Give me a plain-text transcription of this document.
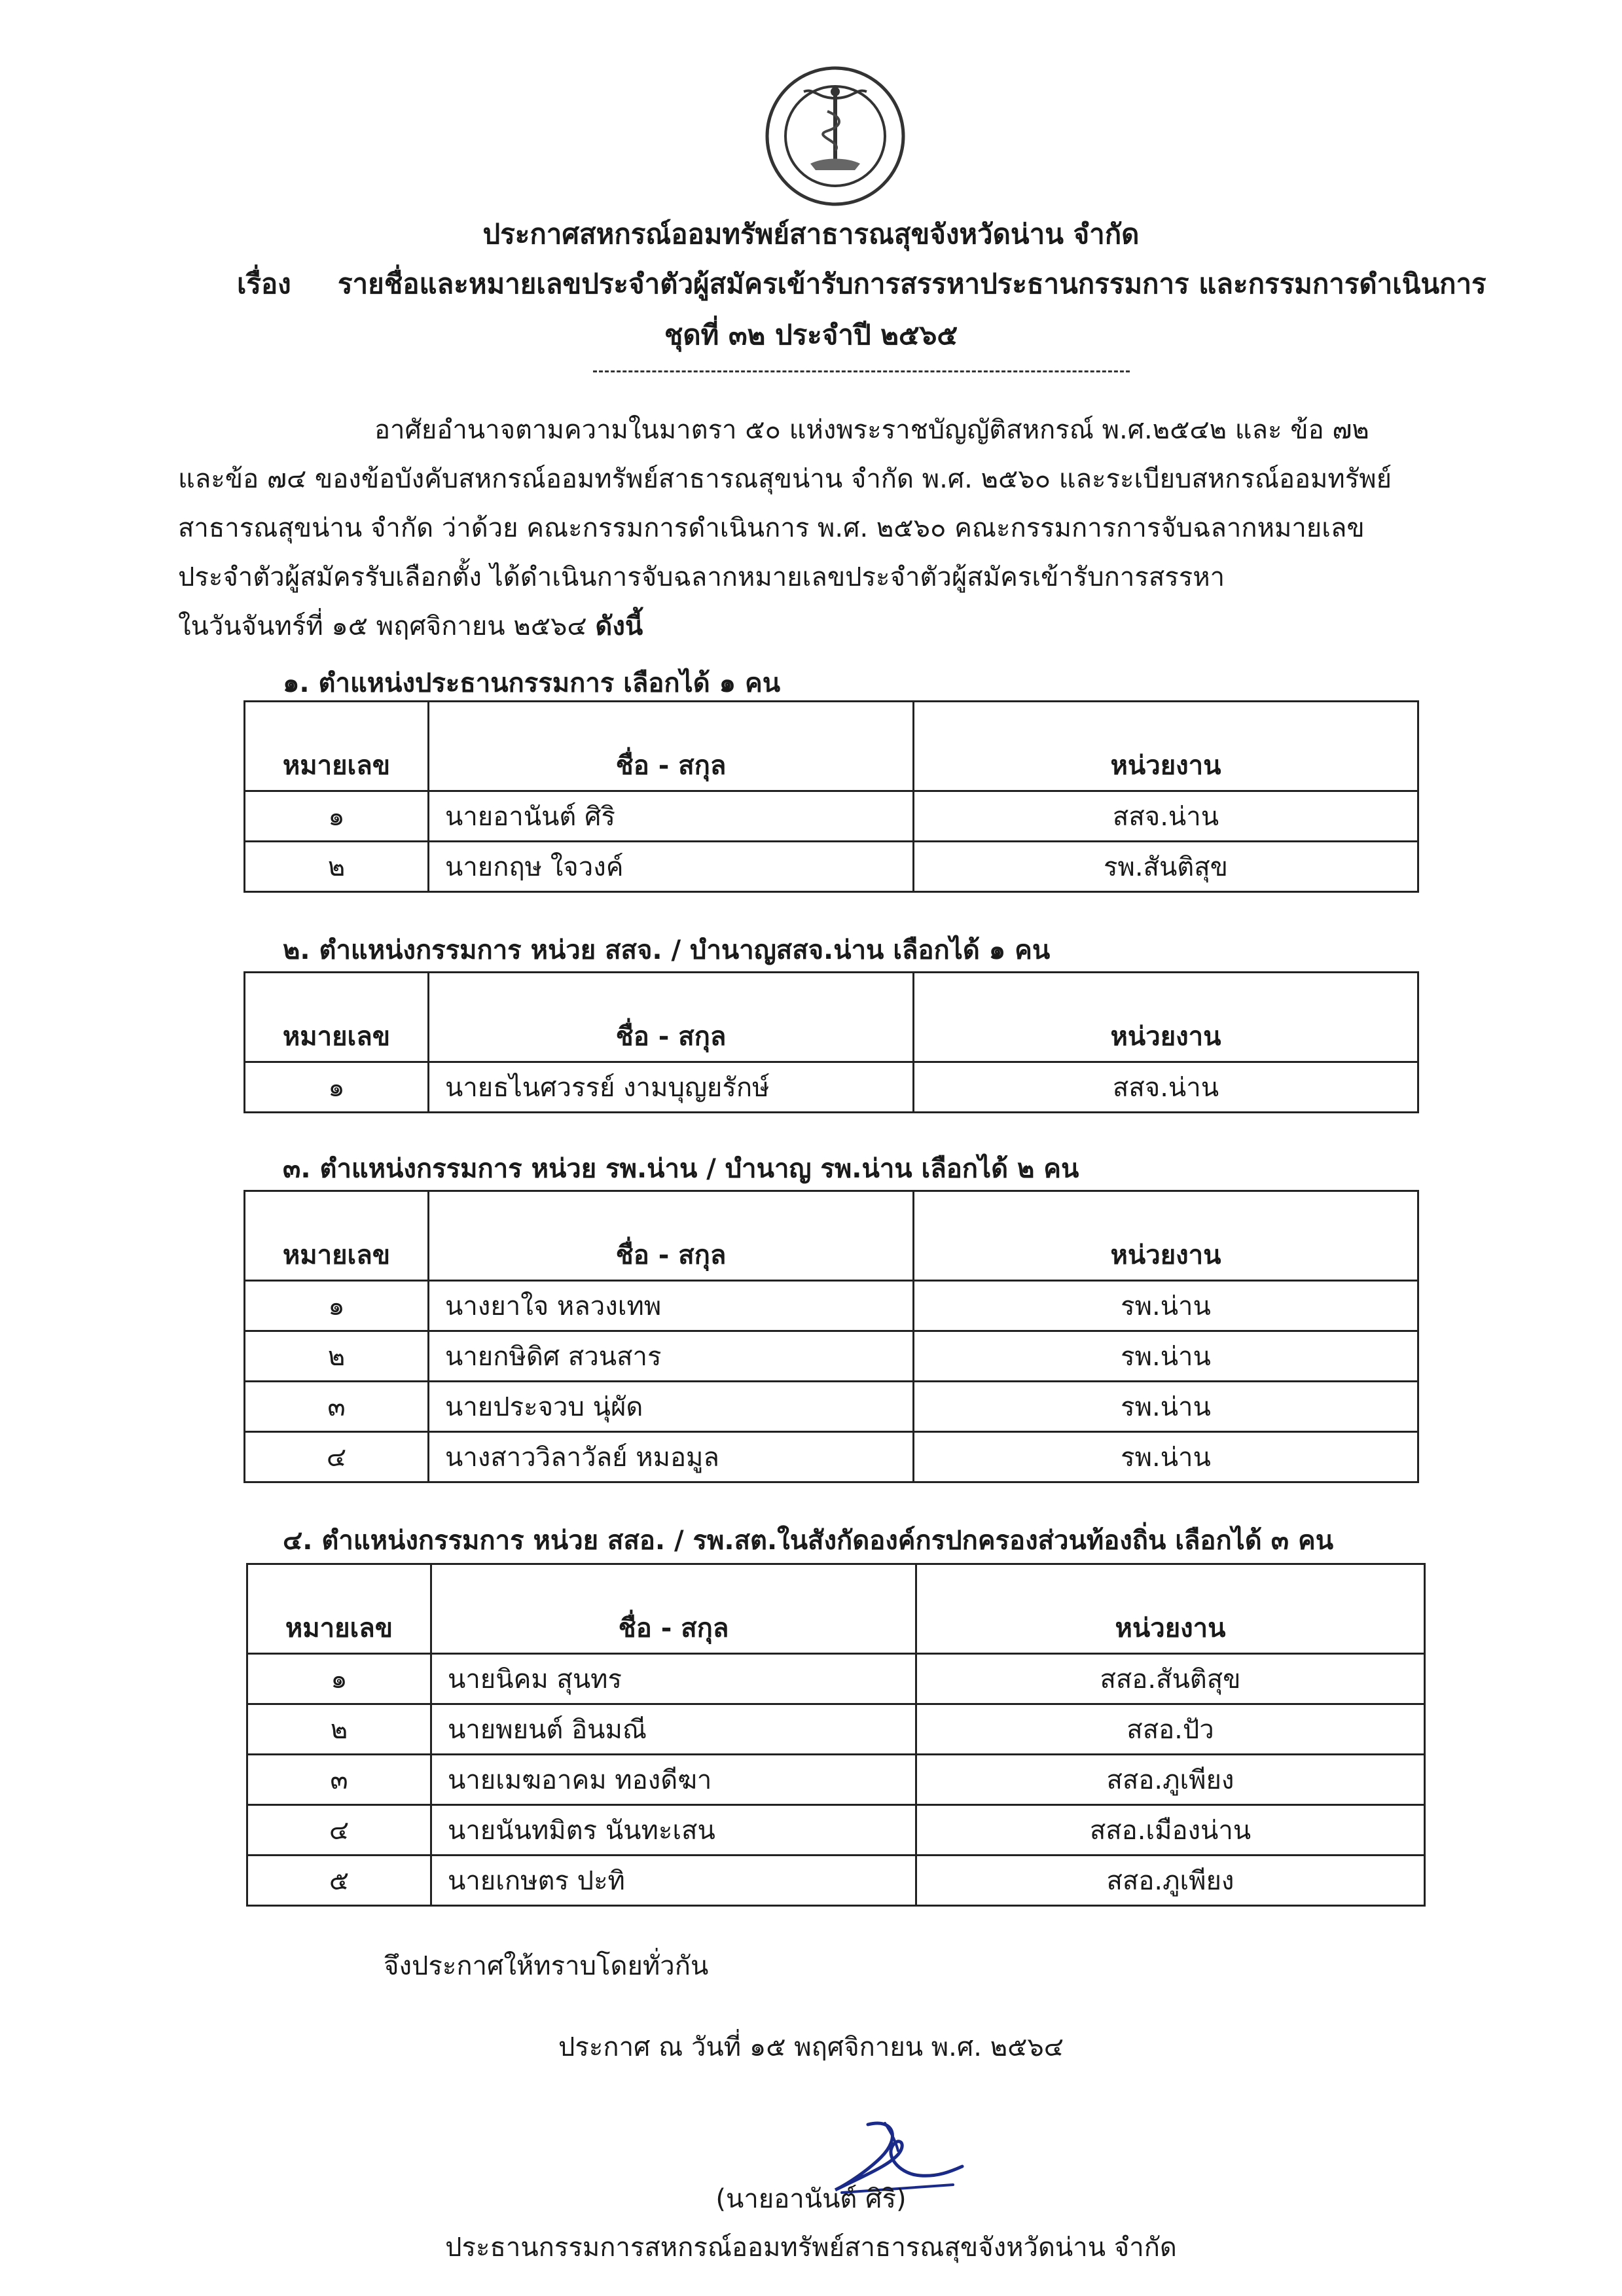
ประกาศสหกรณ์ออมทรัพย์สาธารณสุขจังหวัดน่าน จำกัด
เรื่อง รายชื่อและหมายเลขประจำตัวผู้สมัครเข้ารับการสรรหาประธานกรรมการ และกรรมการดำเนินการ
ชุดที่ ๓๒ ประจำปี ๒๕๖๕
อาศัยอำนาจตามความในมาตรา ๕๐ แห่งพระราชบัญญัติสหกรณ์ พ.ศ.๒๕๔๒ และ ข้อ ๗๒
และข้อ ๗๔ ของข้อบังคับสหกรณ์ออมทรัพย์สาธารณสุขน่าน จำกัด พ.ศ. ๒๕๖๐ และระเบียบสหกรณ์ออมทรัพย์
สาธารณสุขน่าน จำกัด ว่าด้วย คณะกรรมการดำเนินการ พ.ศ. ๒๕๖๐ คณะกรรมการการจับฉลากหมายเลข
ประจำตัวผู้สมัครรับเลือกตั้ง ได้ดำเนินการจับฉลากหมายเลขประจำตัวผู้สมัครเข้ารับการสรรหา
ในวันจันทร์ที่ ๑๕ พฤศจิกายน ๒๕๖๔ ดังนี้
๑. ตำแหน่งประธานกรรมการ เลือกได้ ๑ คน
หมายเลข	ชื่อ - สกุล	หน่วยงาน
๑	นายอานันต์ ศิริ	สสจ.น่าน
๒	นายกฤษ ใจวงค์	รพ.สันติสุข
๒. ตำแหน่งกรรมการ หน่วย สสจ. / บำนาญสสจ.น่าน เลือกได้ ๑ คน
หมายเลข	ชื่อ - สกุล	หน่วยงาน
๑	นายธไนศวรรย์ งามบุญยรักษ์	สสจ.น่าน
๓. ตำแหน่งกรรมการ หน่วย รพ.น่าน / บำนาญ รพ.น่าน เลือกได้ ๒ คน
หมายเลข	ชื่อ - สกุล	หน่วยงาน
๑	นางยาใจ หลวงเทพ	รพ.น่าน
๒	นายกษิดิศ สวนสาร	รพ.น่าน
๓	นายประจวบ นุ่ผัด	รพ.น่าน
๔	นางสาววิลาวัลย์ หมอมูล	รพ.น่าน
๔. ตำแหน่งกรรมการ หน่วย สสอ. / รพ.สต.ในสังกัดองค์กรปกครองส่วนท้องถิ่น เลือกได้ ๓ คน
หมายเลข	ชื่อ - สกุล	หน่วยงาน
๑	นายนิคม สุนทร	สสอ.สันติสุข
๒	นายพยนต์ อินมณี	สสอ.ปัว
๓	นายเมฆอาคม ทองดีฆา	สสอ.ภูเพียง
๔	นายนันทมิตร นันทะเสน	สสอ.เมืองน่าน
๕	นายเกษตร ปะทิ	สสอ.ภูเพียง
จึงประกาศให้ทราบโดยทั่วกัน
ประกาศ ณ วันที่ ๑๕ พฤศจิกายน พ.ศ. ๒๕๖๔
(นายอานันต์ ศิริ)
ประธานกรรมการสหกรณ์ออมทรัพย์สาธารณสุขจังหวัดน่าน จำกัด
